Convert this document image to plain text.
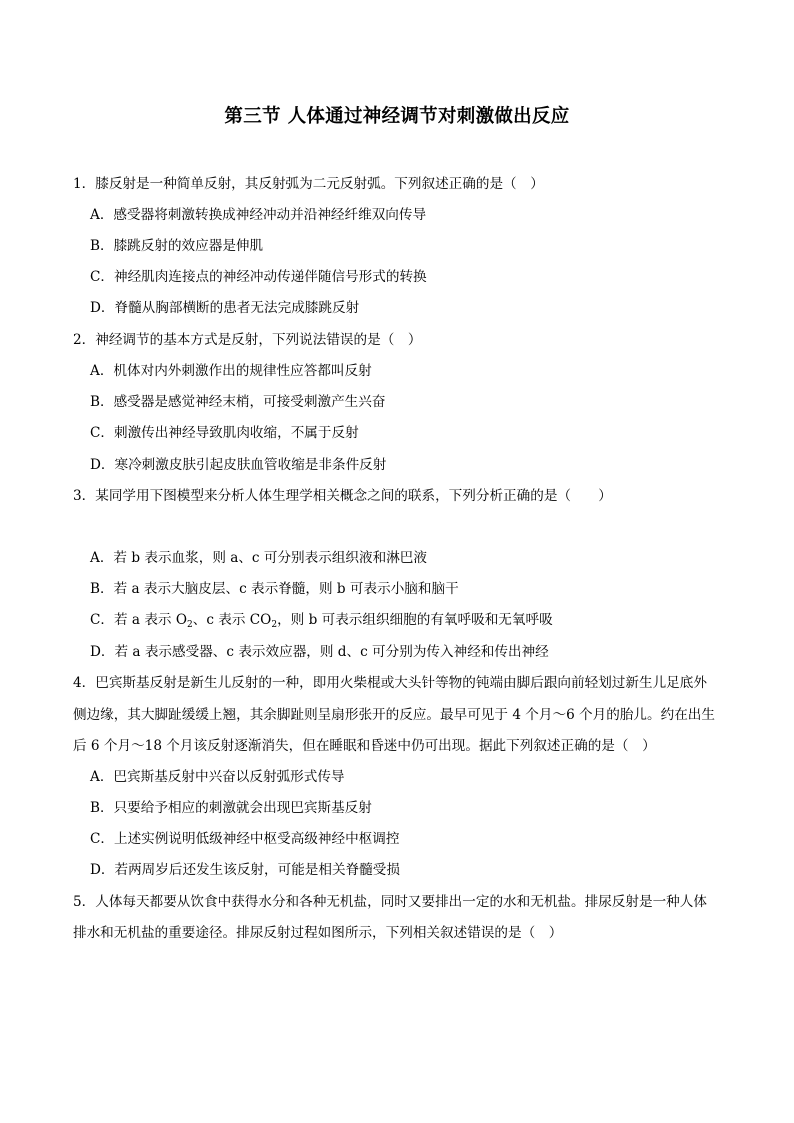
第三节 人体通过神经调节对刺激做出反应
1．膝反射是一种简单反射，其反射弧为二元反射弧。下列叙述正确的是（　）
A．感受器将刺激转换成神经冲动并沿神经纤维双向传导
B．膝跳反射的效应器是伸肌
C．神经肌肉连接点的神经冲动传递伴随信号形式的转换
D．脊髓从胸部横断的患者无法完成膝跳反射
2．神经调节的基本方式是反射，下列说法错误的是（　）
A．机体对内外刺激作出的规律性应答都叫反射
B．感受器是感觉神经末梢，可接受刺激产生兴奋
C．刺激传出神经导致肌肉收缩，不属于反射
D．寒冷刺激皮肤引起皮肤血管收缩是非条件反射
3．某同学用下图模型来分析人体生理学相关概念之间的联系，下列分析正确的是（　　）
A．若 b 表示血浆，则 a、c 可分别表示组织液和淋巴液
B．若 a 表示大脑皮层、c 表示脊髓，则 b 可表示小脑和脑干
C．若 a 表示 $O_2$、c 表示 $CO_2$，则 b 可表示组织细胞的有氧呼吸和无氧呼吸
D．若 a 表示感受器、c 表示效应器，则 d、c 可分别为传入神经和传出神经
4．巴宾斯基反射是新生儿反射的一种，即用火柴棍或大头针等物的钝端由脚后跟向前轻划过新生儿足底外
侧边缘，其大脚趾缓缓上翘，其余脚趾则呈扇形张开的反应。最早可见于 4 个月～6 个月的胎儿。约在出生
后 6 个月～18 个月该反射逐渐消失，但在睡眠和昏迷中仍可出现。据此下列叙述正确的是（　）
A．巴宾斯基反射中兴奋以反射弧形式传导
B．只要给予相应的刺激就会出现巴宾斯基反射
C．上述实例说明低级神经中枢受高级神经中枢调控
D．若两周岁后还发生该反射，可能是相关脊髓受损
5．人体每天都要从饮食中获得水分和各种无机盐，同时又要排出一定的水和无机盐。排尿反射是一种人体
排水和无机盐的重要途径。排尿反射过程如图所示，下列相关叙述错误的是（　）
